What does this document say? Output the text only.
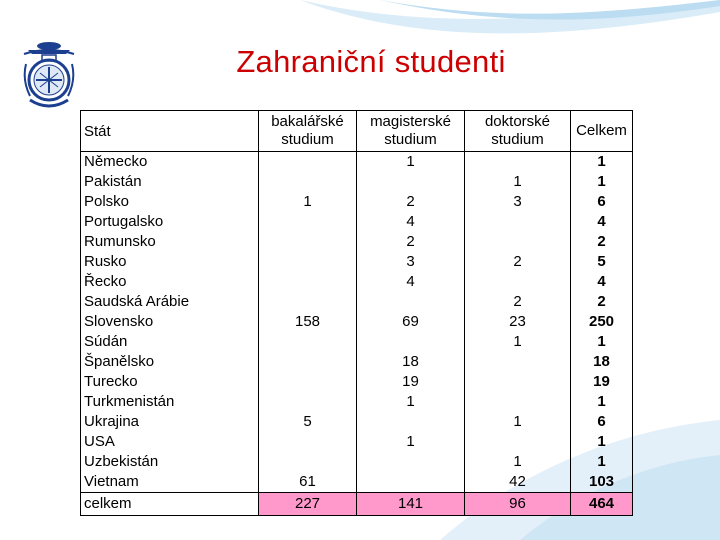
Zahraniční studenti
Stát	bakalářské studium	magisterské studium	doktorské studium	Celkem
Německo		1		1
Pakistán			1	1
Polsko	1	2	3	6
Portugalsko		4		4
Rumunsko		2		2
Rusko		3	2	5
Řecko		4		4
Saudská Arábie			2	2
Slovensko	158	69	23	250
Súdán			1	1
Španělsko		18		18
Turecko		19		19
Turkmenistán		1		1
Ukrajina	5		1	6
USA		1		1
Uzbekistán			1	1
Vietnam	61		42	103
celkem	227	141	96	464
